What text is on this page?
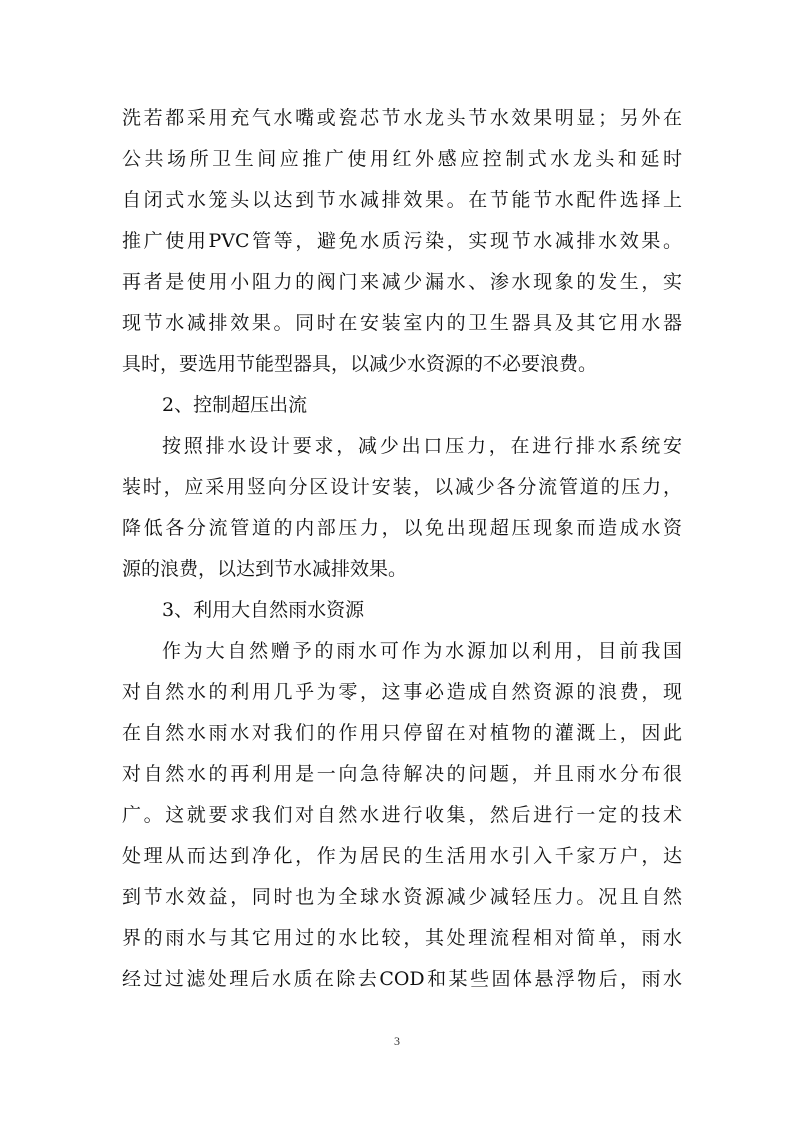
洗若都采用充气水嘴或瓷芯节水龙头节水效果明显；另外在
公共场所卫生间应推广使用红外感应控制式水龙头和延时
自闭式水笼头以达到节水减排效果。在节能节水配件选择上
推广使用PVC管等，避免水质污染，实现节水减排水效果。
再者是使用小阻力的阀门来减少漏水、渗水现象的发生，实
现节水减排效果。同时在安装室内的卫生器具及其它用水器
具时，要选用节能型器具，以减少水资源的不必要浪费。
2、控制超压出流
按照排水设计要求，减少出口压力，在进行排水系统安
装时，应采用竖向分区设计安装，以减少各分流管道的压力，
降低各分流管道的内部压力，以免出现超压现象而造成水资
源的浪费，以达到节水减排效果。
3、利用大自然雨水资源
作为大自然赠予的雨水可作为水源加以利用，目前我国
对自然水的利用几乎为零，这事必造成自然资源的浪费，现
在自然水雨水对我们的作用只停留在对植物的灌溉上，因此
对自然水的再利用是一向急待解决的问题，并且雨水分布很
广。这就要求我们对自然水进行收集，然后进行一定的技术
处理从而达到净化，作为居民的生活用水引入千家万户，达
到节水效益，同时也为全球水资源减少减轻压力。况且自然
界的雨水与其它用过的水比较，其处理流程相对简单，雨水
经过过滤处理后水质在除去COD和某些固体悬浮物后，雨水
3
